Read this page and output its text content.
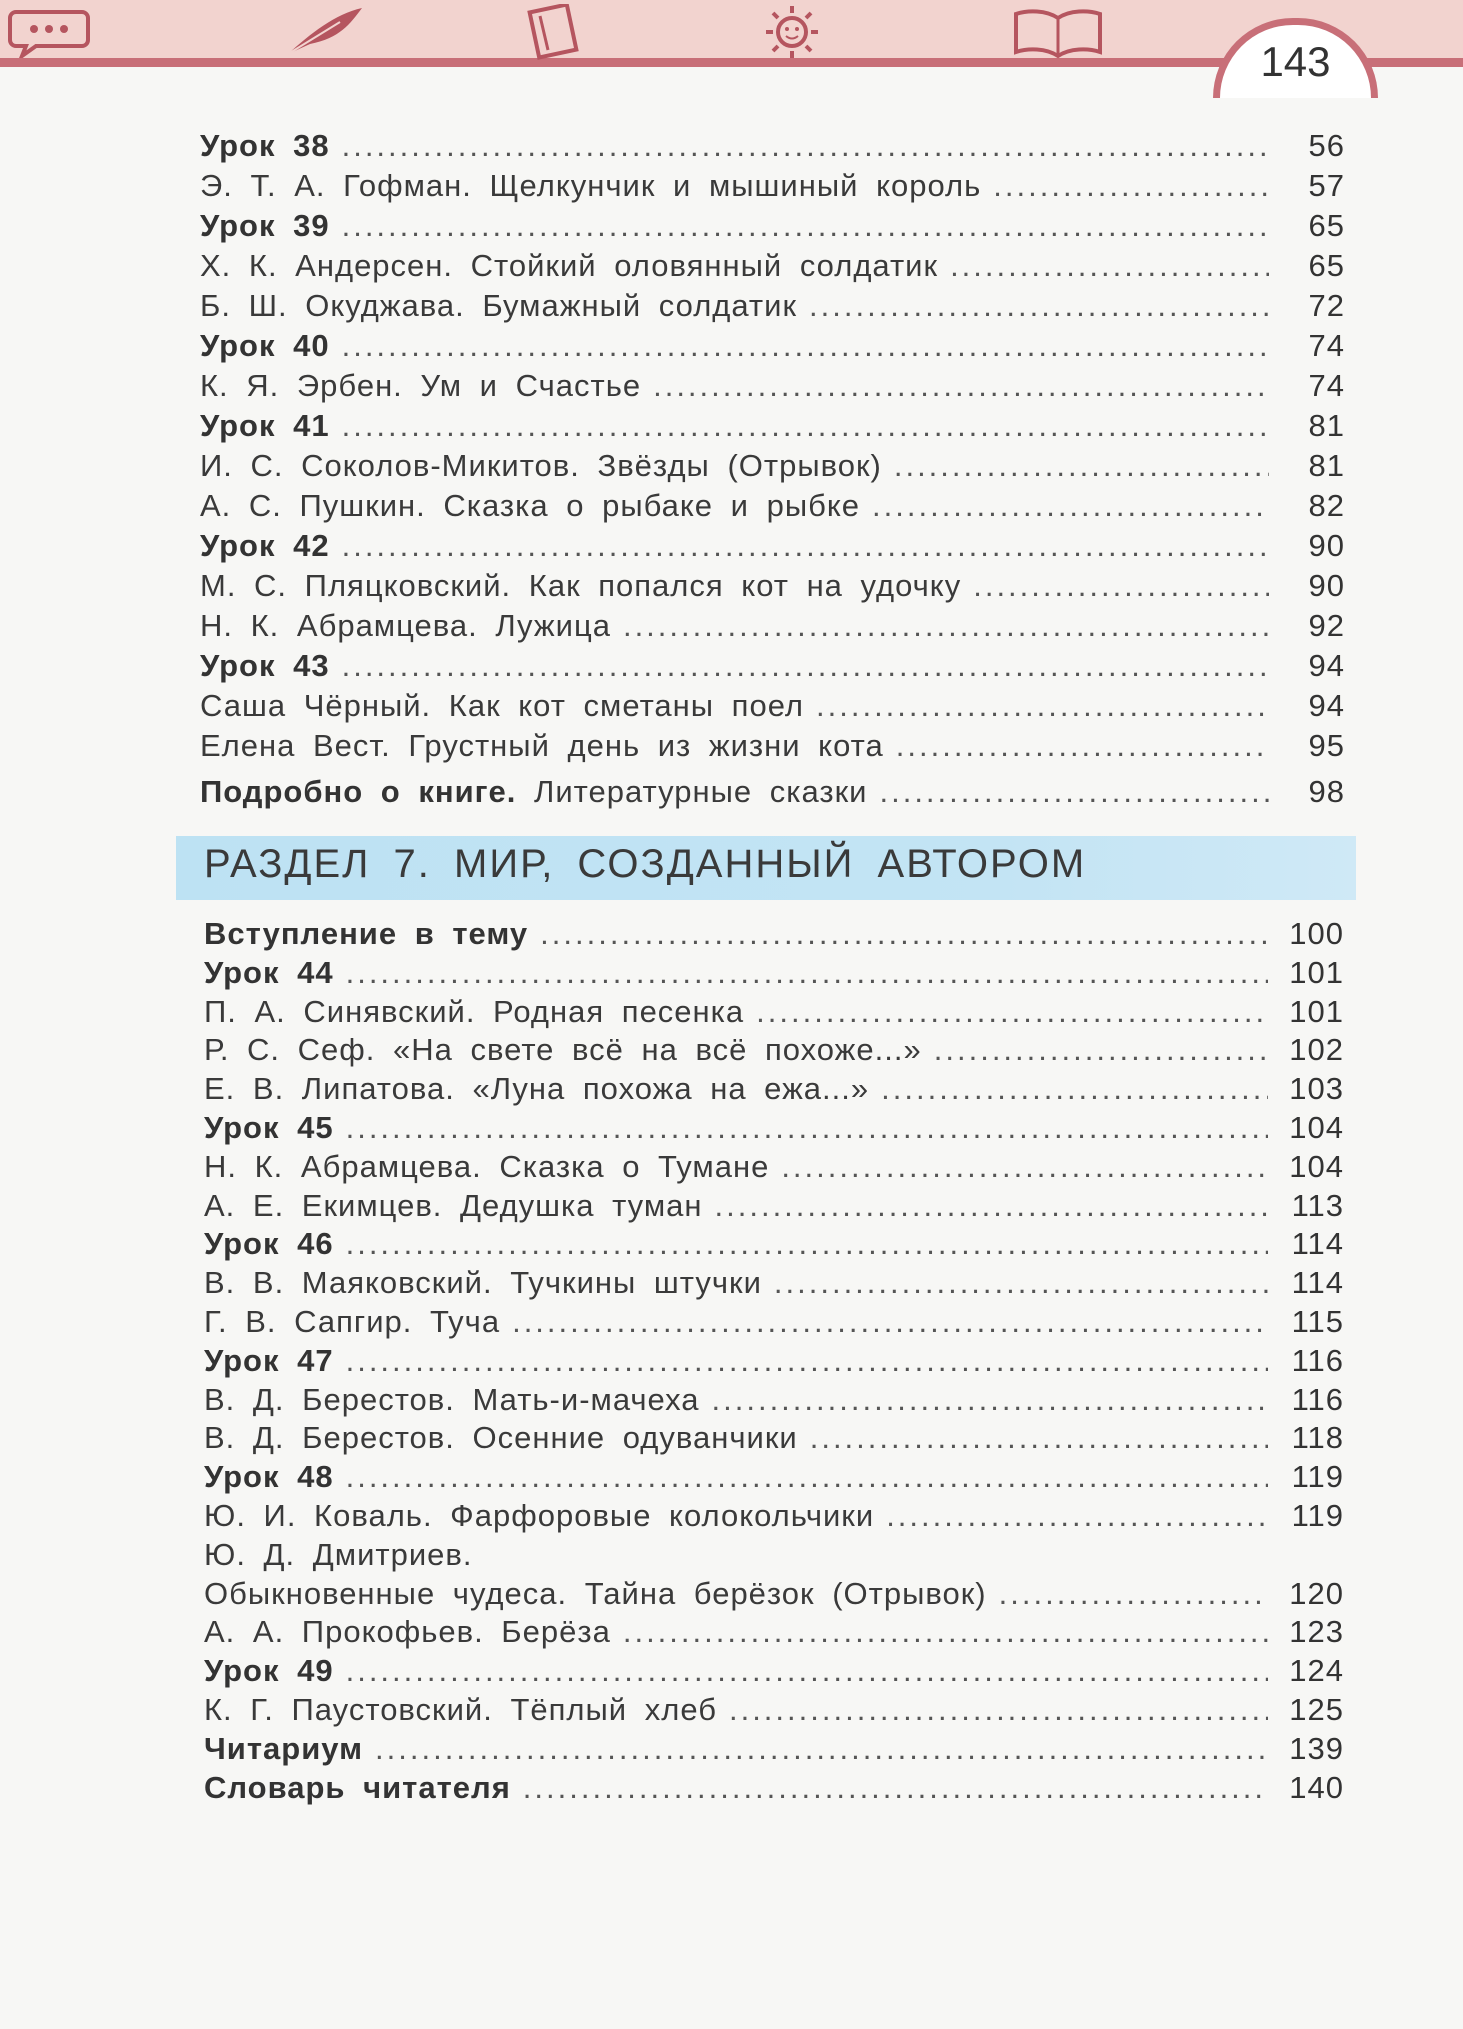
143
Урок 38 .....	56
Э. Т. А. Гофман. Щелкунчик и мышиный король .....	57
Урок 39 .....	65
Х. К. Андерсен. Стойкий оловянный солдатик .....	65
Б. Ш. Окуджава. Бумажный солдатик .....	72
Урок 40 .....	74
К. Я. Эрбен. Ум и Счастье .....	74
Урок 41 .....	81
И. С. Соколов-Микитов. Звёзды (Отрывок) .....	81
А. С. Пушкин. Сказка о рыбаке и рыбке .....	82
Урок 42 .....	90
М. С. Пляцковский. Как попался кот на удочку .....	90
Н. К. Абрамцева. Лужица .....	92
Урок 43 .....	94
Саша Чёрный. Как кот сметаны поел .....	94
Елена Вест. Грустный день из жизни кота .....	95
Подробно о книге. Литературные сказки .....	98
РАЗДЕЛ 7. МИР, СОЗДАННЫЙ АВТОРОМ
Вступление в тему .....	100
Урок 44 .....	101
П. А. Синявский. Родная песенка .....	101
Р. С. Сеф. «На свете всё на всё похоже...» .....	102
Е. В. Липатова. «Луна похожа на ежа...» .....	103
Урок 45 .....	104
Н. К. Абрамцева. Сказка о Тумане .....	104
А. Е. Екимцев. Дедушка туман .....	113
Урок 46 .....	114
В. В. Маяковский. Тучкины штучки .....	114
Г. В. Сапгир. Туча .....	115
Урок 47 .....	116
В. Д. Берестов. Мать-и-мачеха .....	116
В. Д. Берестов. Осенние одуванчики .....	118
Урок 48 .....	119
Ю. И. Коваль. Фарфоровые колокольчики .....	119
Ю. Д. Дмитриев.
Обыкновенные чудеса. Тайна берёзок (Отрывок) .....	120
А. А. Прокофьев. Берёза .....	123
Урок 49 .....	124
К. Г. Паустовский. Тёплый хлеб .....	125
Читариум .....	139
Словарь читателя .....	140
